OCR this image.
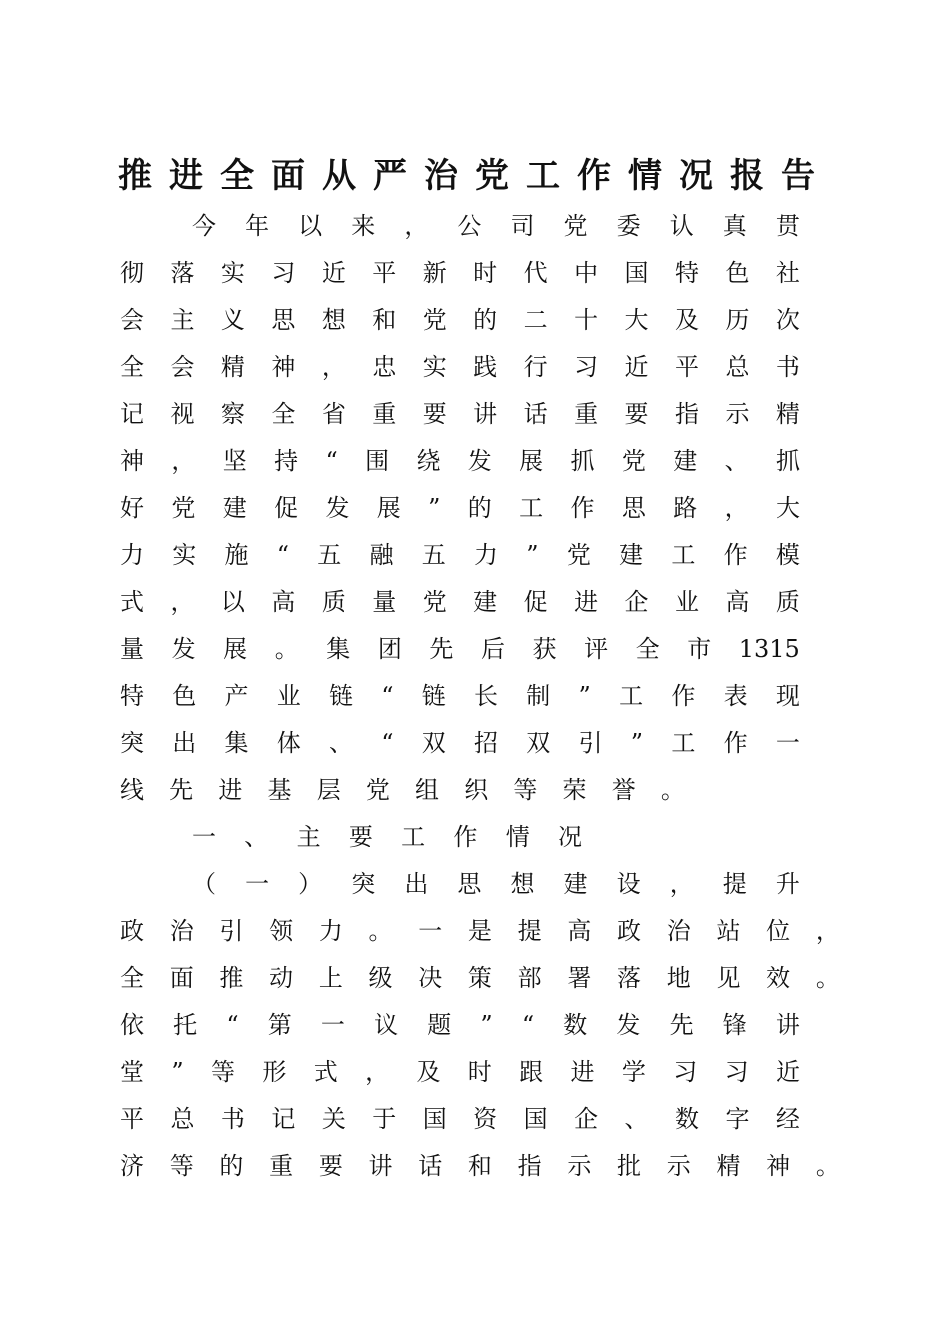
推进全面从严治党工作情况报告
今 年 以 来 ， 公 司 党 委 认 真 贯
彻 落 实 习 近 平 新 时 代 中 国 特 色 社
会 主 义 思 想 和 党 的 二 十 大 及 历 次
全 会 精 神 ， 忠 实 践 行 习 近 平 总 书
记 视 察 全 省 重 要 讲 话 重 要 指 示 精
神 ， 坚 持 “ 围 绕 发 展 抓 党 建 、 抓
好 党 建 促 发 展 ” 的 工 作 思 路 ， 大
力 实 施 “ 五 融 五 力 ” 党 建 工 作 模
式 ， 以 高 质 量 党 建 促 进 企 业 高 质
量 发 展 。 集 团 先 后 获 评 全 市 1315
特 色 产 业 链 “ 链 长 制 ” 工 作 表 现
突 出 集 体 、 “ 双 招 双 引 ” 工 作 一
线 先 进 基 层 党 组 织 等 荣 誉 。
一 、 主 要 工 作 情 况
（ 一 ） 突 出 思 想 建 设 ， 提 升
政 治 引 领 力 。 一 是 提 高 政 治 站 位 ，
全 面 推 动 上 级 决 策 部 署 落 地 见 效 。
依 托 “ 第 一 议 题 ” “ 数 发 先 锋 讲
堂 ” 等 形 式 ， 及 时 跟 进 学 习 习 近
平 总 书 记 关 于 国 资 国 企 、 数 字 经
济 等 的 重 要 讲 话 和 指 示 批 示 精 神 。
